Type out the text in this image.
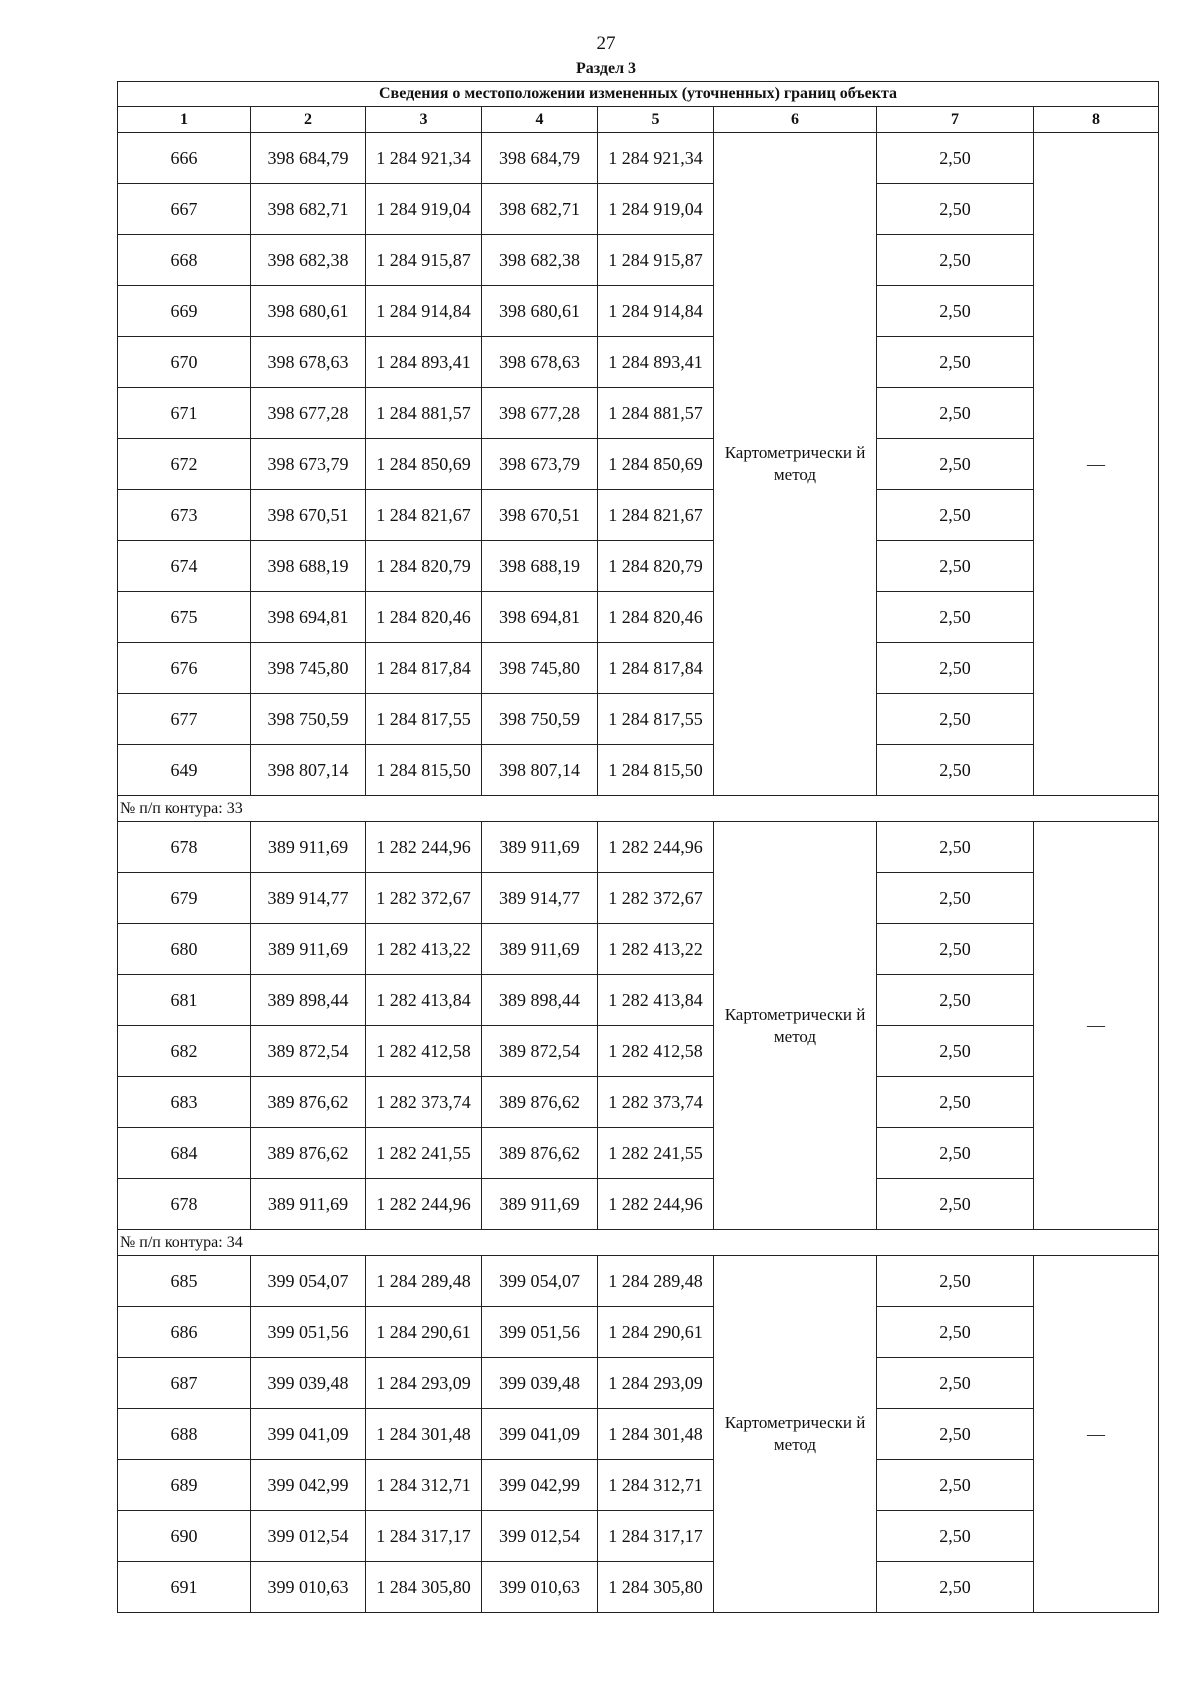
27
Раздел 3
Сведения о местоположении измененных (уточненных) границ объекта							
1	2	3	4	5	6	7	8
666	398 684,79	1 284 921,34	398 684,79	1 284 921,34	Картометрически й метод	2,50	—
667	398 682,71	1 284 919,04	398 682,71	1 284 919,04		2,50	
668	398 682,38	1 284 915,87	398 682,38	1 284 915,87		2,50	
669	398 680,61	1 284 914,84	398 680,61	1 284 914,84		2,50	
670	398 678,63	1 284 893,41	398 678,63	1 284 893,41		2,50	
671	398 677,28	1 284 881,57	398 677,28	1 284 881,57		2,50	
672	398 673,79	1 284 850,69	398 673,79	1 284 850,69		2,50	
673	398 670,51	1 284 821,67	398 670,51	1 284 821,67		2,50	
674	398 688,19	1 284 820,79	398 688,19	1 284 820,79		2,50	
675	398 694,81	1 284 820,46	398 694,81	1 284 820,46		2,50	
676	398 745,80	1 284 817,84	398 745,80	1 284 817,84		2,50	
677	398 750,59	1 284 817,55	398 750,59	1 284 817,55		2,50	
649	398 807,14	1 284 815,50	398 807,14	1 284 815,50		2,50	
№ п/п контура: 33							
678	389 911,69	1 282 244,96	389 911,69	1 282 244,96	Картометрически й метод	2,50	—
679	389 914,77	1 282 372,67	389 914,77	1 282 372,67		2,50	
680	389 911,69	1 282 413,22	389 911,69	1 282 413,22		2,50	
681	389 898,44	1 282 413,84	389 898,44	1 282 413,84		2,50	
682	389 872,54	1 282 412,58	389 872,54	1 282 412,58		2,50	
683	389 876,62	1 282 373,74	389 876,62	1 282 373,74		2,50	
684	389 876,62	1 282 241,55	389 876,62	1 282 241,55		2,50	
678	389 911,69	1 282 244,96	389 911,69	1 282 244,96		2,50	
№ п/п контура: 34							
685	399 054,07	1 284 289,48	399 054,07	1 284 289,48	Картометрически й метод	2,50	—
686	399 051,56	1 284 290,61	399 051,56	1 284 290,61		2,50	
687	399 039,48	1 284 293,09	399 039,48	1 284 293,09		2,50	
688	399 041,09	1 284 301,48	399 041,09	1 284 301,48		2,50	
689	399 042,99	1 284 312,71	399 042,99	1 284 312,71		2,50	
690	399 012,54	1 284 317,17	399 012,54	1 284 317,17		2,50	
691	399 010,63	1 284 305,80	399 010,63	1 284 305,80		2,50	
